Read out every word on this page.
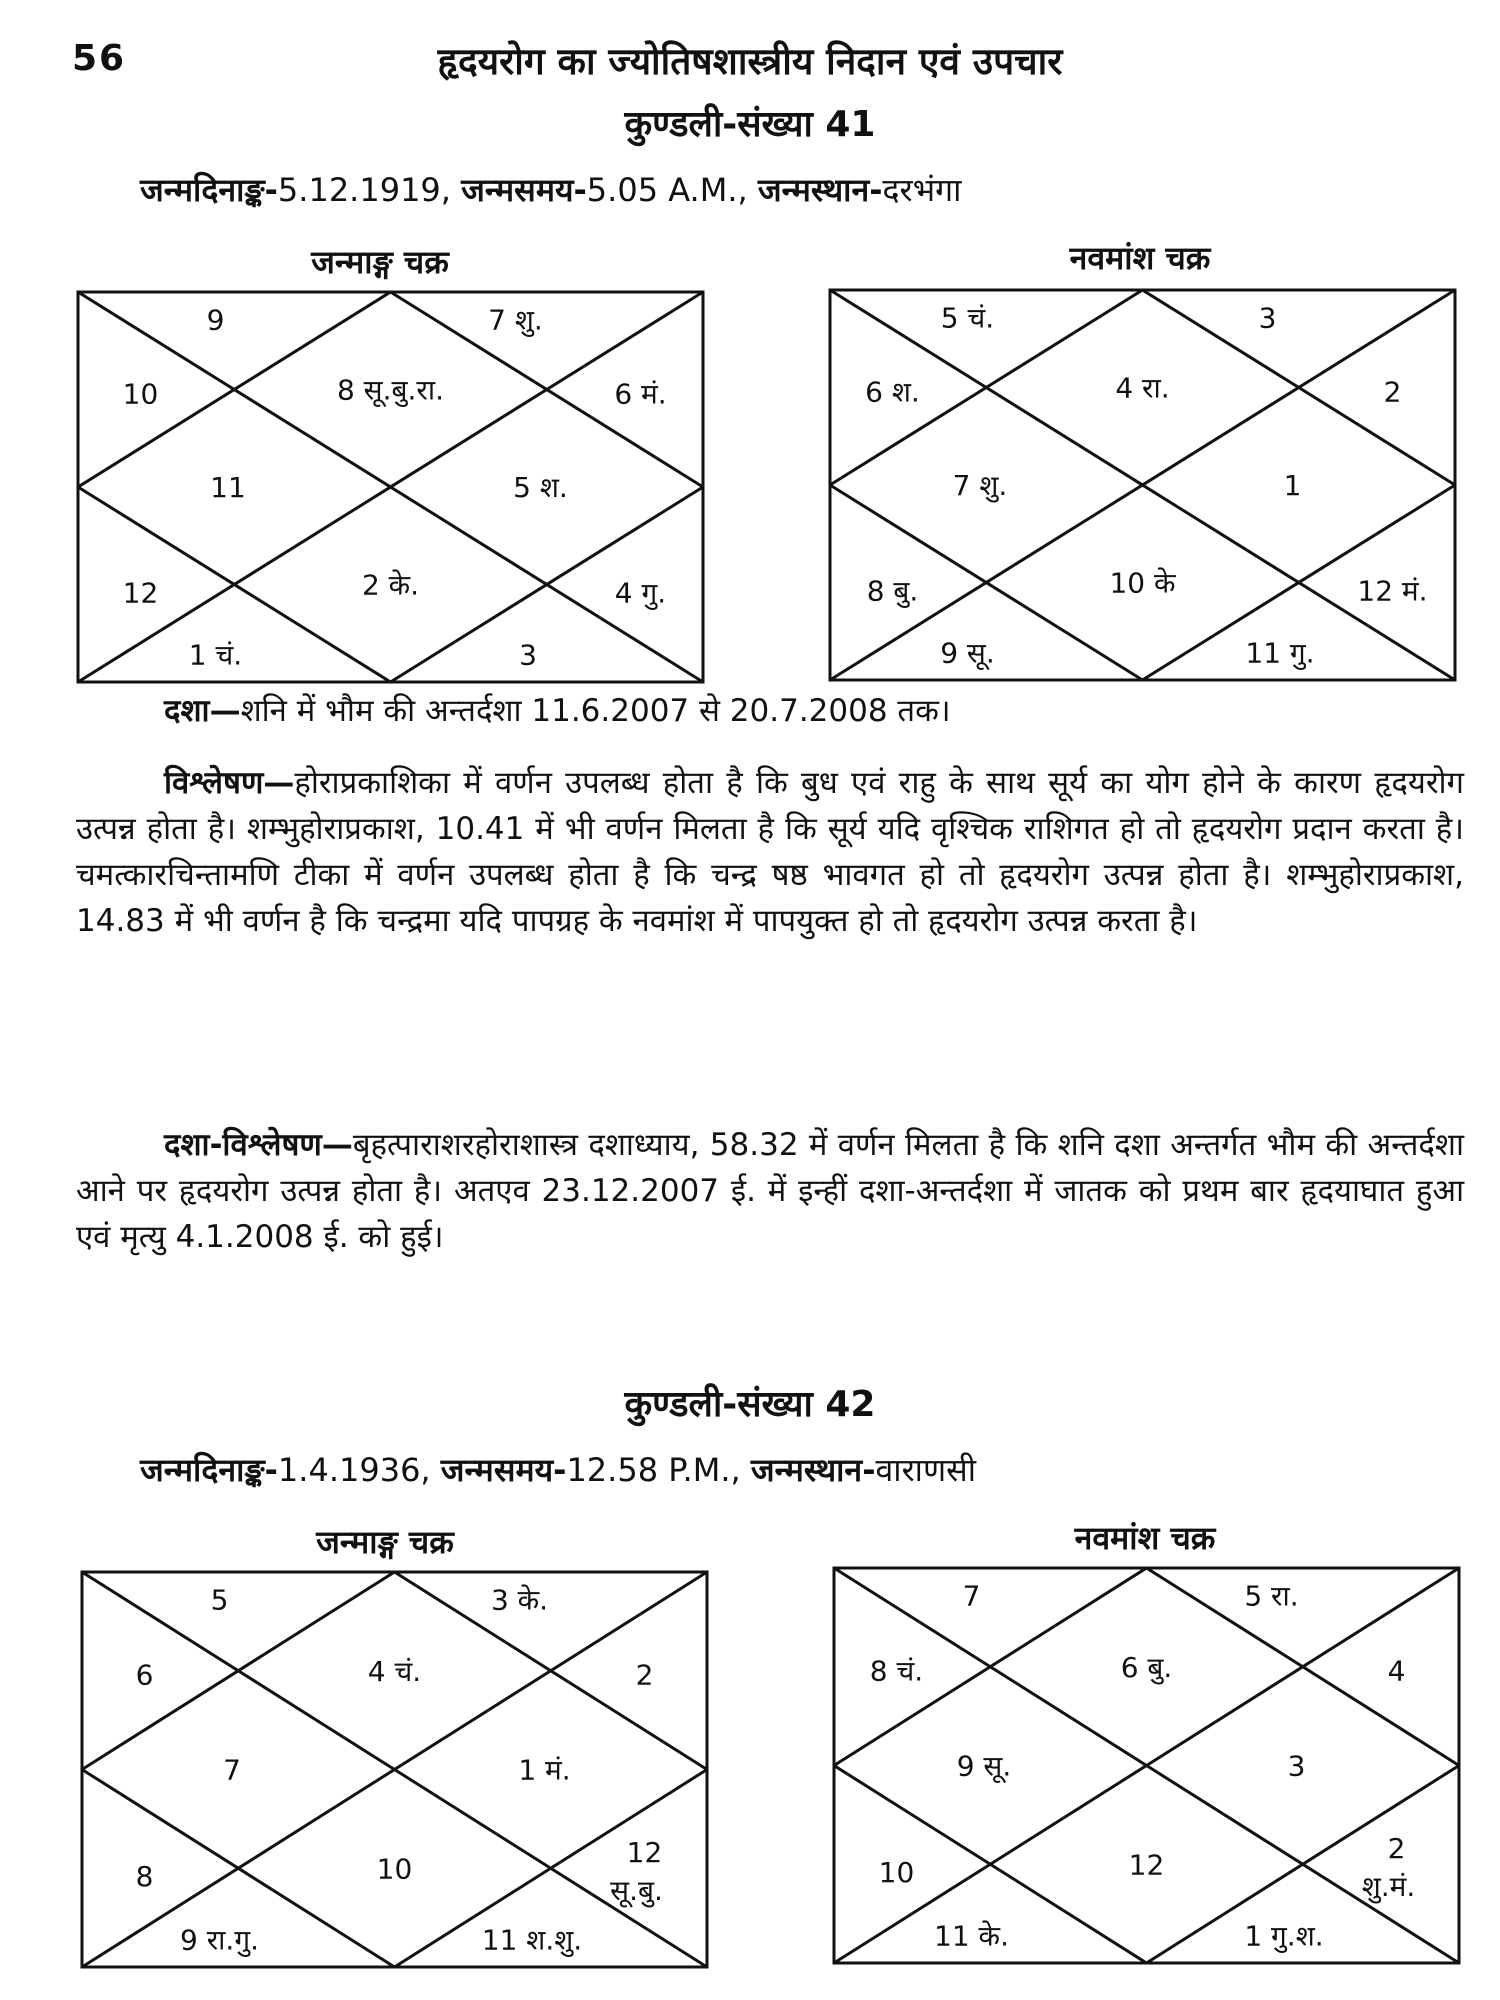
56	हृदयरोग का ज्योतिषशास्त्रीय निदान एवं उपचार
कुण्डली-संख्या 41
जन्मदिनाङ्क-5.12.1919, जन्मसमय-5.05 A.M., जन्मस्थान-दरभंगा
जन्माङ्ग चक्र	नवमांश चक्र
8 सू.बु.रा.
7 शु.
9
10
11
12
1 चं.
2 के.
3
4 गु.
5 श.
6 मं.	4 रा.
3
5 चं.
6 श.
7 शु.
8 बु.
9 सू.
10 के
11 गु.
12 मं.
1
2
दशा—शनि में भौम की अन्तर्दशा 11.6.2007 से 20.7.2008 तक।
विश्लेषण—होराप्रकाशिका में वर्णन उपलब्ध होता है कि बुध एवं राहु के साथ सूर्य का योग होने के कारण हृदयरोग उत्पन्न होता है। शम्भुहोराप्रकाश, 10.41 में भी वर्णन मिलता है कि सूर्य यदि वृश्चिक राशिगत हो तो हृदयरोग प्रदान करता है। चमत्कारचिन्तामणि टीका में वर्णन उपलब्ध होता है कि चन्द्र षष्ठ भावगत हो तो हृदयरोग उत्पन्न होता है। शम्भुहोराप्रकाश, 14.83 में भी वर्णन है कि चन्द्रमा यदि पापग्रह के नवमांश में पापयुक्त हो तो हृदयरोग उत्पन्न करता है।
दशा-विश्लेषण—बृहत्पाराशरहोराशास्त्र दशाध्याय, 58.32 में वर्णन मिलता है कि शनि दशा अन्तर्गत भौम की अन्तर्दशा आने पर हृदयरोग उत्पन्न होता है। अतएव 23.12.2007 ई. में इन्हीं दशा-अन्तर्दशा में जातक को प्रथम बार हृदयाघात हुआ एवं मृत्यु 4.1.2008 ई. को हुई।
कुण्डली-संख्या 42
जन्मदिनाङ्क-1.4.1936, जन्मसमय-12.58 P.M., जन्मस्थान-वाराणसी
जन्माङ्ग चक्र	नवमांश चक्र
4 चं.
3 के.
5
6
7
8
9 रा.गु.
10
11 श.शु.
12 सू.बु.
1 मं.
2	6 बु.
5 रा.
7
8 चं.
9 सू.
10
11 के.
12
1 गु.श.
2 शु.मं.
3
4
